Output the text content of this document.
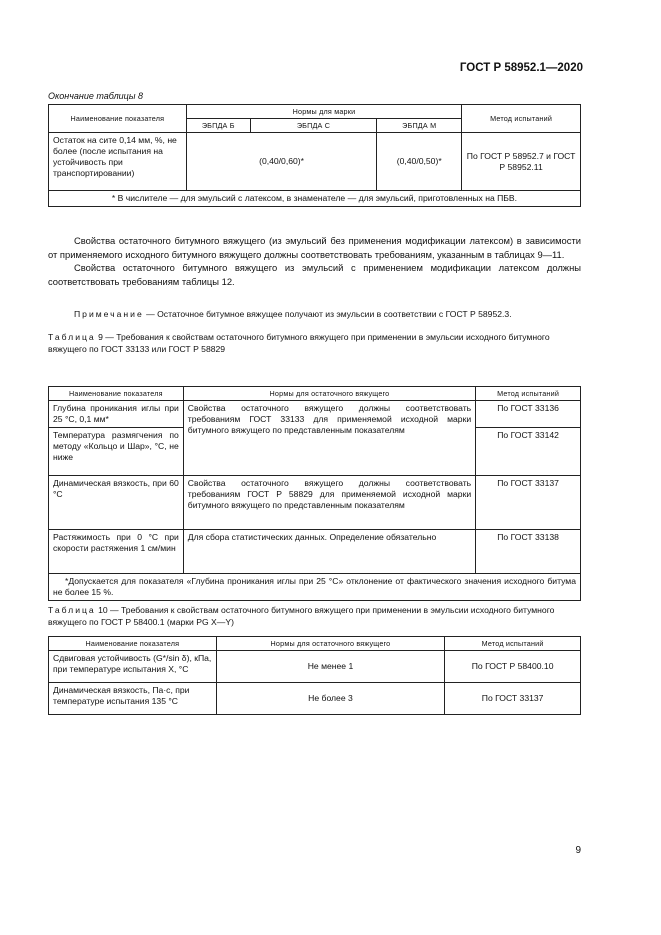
ГОСТ Р 58952.1—2020
Окончание таблицы 8
Наименование показателя	Нормы для марки			Метод испытаний
	ЭБПДА Б	ЭБПДА С	ЭБПДА М	
Остаток на сите 0,14 мм, %, не более (после испытания на устойчивость при транспортировании)	(0,40/0,60)*		(0,40/0,50)*	По ГОСТ Р 58952.7 и ГОСТ Р 58952.11
* В числителе — для эмульсий с латексом, в знаменателе — для эмульсий, приготовленных на ПБВ.				

Свойства остаточного битумного вяжущего (из эмульсий без применения модификации латексом) в зависимости от применяемого исходного битумного вяжущего должны соответствовать требованиям, указанным в таблицах 9—11.

Свойства остаточного битумного вяжущего из эмульсий с применением модификации латексом должны соответствовать требованиям таблицы 12.

Примечание — Остаточное битумное вяжущее получают из эмульсии в соответствии с ГОСТ Р 58952.3.
Таблица 9 — Требования к свойствам остаточного битумного вяжущего при применении в эмульсии исходного битумного вяжущего по ГОСТ 33133 или ГОСТ Р 58829
Наименование показателя	Нормы для остаточного вяжущего	Метод испытаний
Глубина проникания иглы при 25 °С, 0,1 мм*	Свойства остаточного вяжущего должны соответствовать требованиям ГОСТ 33133 для применяемой исходной марки битумного вяжущего по представленным показателям	По ГОСТ 33136
Температура размягчения по методу «Кольцо и Шар», °С, не ниже		По ГОСТ 33142
Динамическая вязкость, при 60 °С	Свойства остаточного вяжущего должны соответствовать требованиям ГОСТ Р 58829 для применяемой исходной марки битумного вяжущего по представленным показателям	По ГОСТ 33137
Растяжимость при 0 °С при скорости растяжения 1 см/мин	Для сбора статистических данных. Определение обязательно	По ГОСТ 33138
*Допускается для показателя «Глубина проникания иглы при 25 °С» отклонение от фактического значения исходного битума не более 15 %.		
Таблица 10 — Требования к свойствам остаточного битумного вяжущего при применении в эмульсии исходного битумного вяжущего по ГОСТ Р 58400.1 (марки PG X—Y)
Наименование показателя	Нормы для остаточного вяжущего	Метод испытаний
Сдвиговая устойчивость (G*/sin δ), кПа, при температуре испытания X, °С	Не менее 1	По ГОСТ Р 58400.10
Динамическая вязкость, Па·с, при температуре испытания 135 °С	Не более 3	По ГОСТ 33137
9
